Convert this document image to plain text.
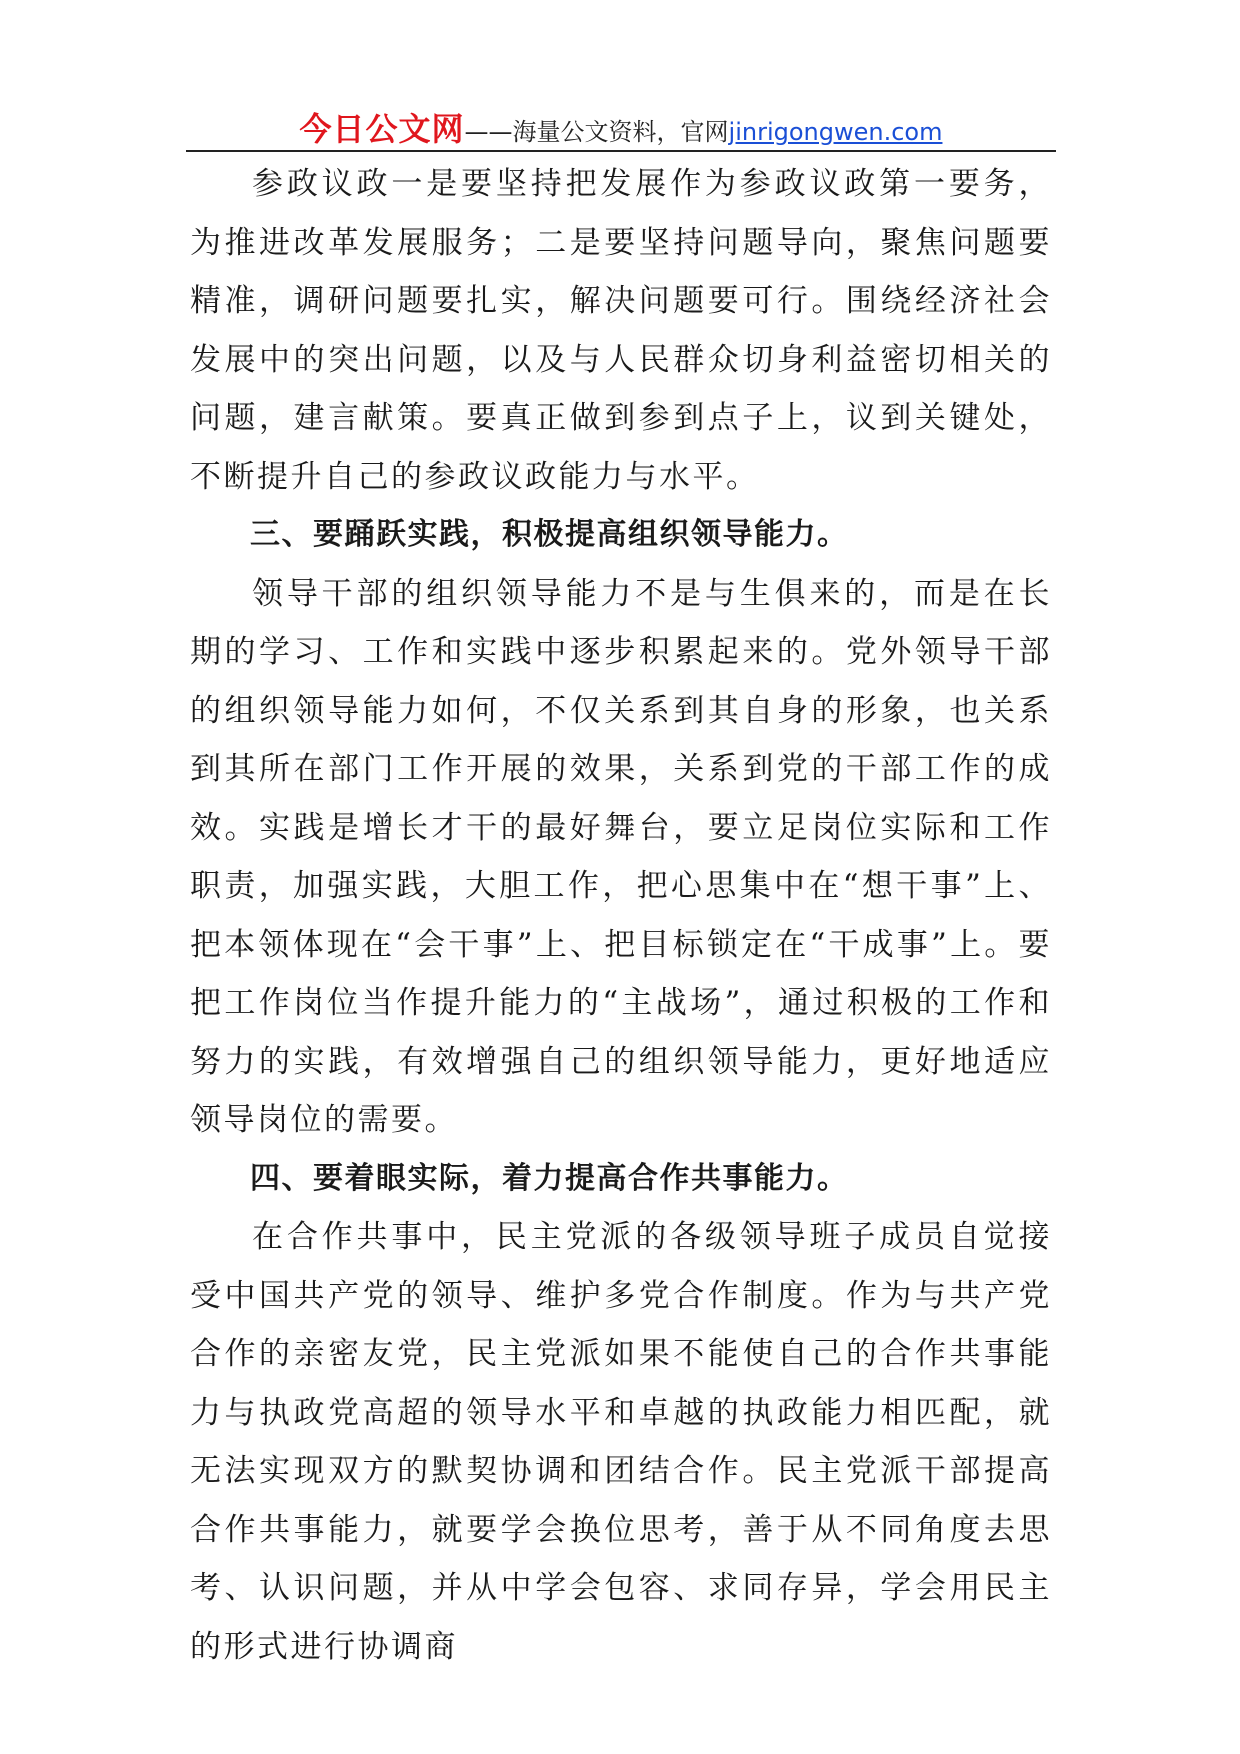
今日公文网——海量公文资料，官网jinrigongwen.com

参政议政一是要坚持把发展作为参政议政第一要务，为推进改革发展服务；二是要坚持问题导向，聚焦问题要精准，调研问题要扎实，解决问题要可行。围绕经济社会发展中的突出问题，以及与人民群众切身利益密切相关的问题，建言献策。要真正做到参到点子上，议到关键处，不断提升自己的参政议政能力与水平。

三、要踊跃实践，积极提高组织领导能力。

领导干部的组织领导能力不是与生俱来的，而是在长期的学习、工作和实践中逐步积累起来的。党外领导干部的组织领导能力如何，不仅关系到其自身的形象，也关系到其所在部门工作开展的效果，关系到党的干部工作的成效。实践是增长才干的最好舞台，要立足岗位实际和工作职责，加强实践，大胆工作，把心思集中在“想干事”上、把本领体现在“会干事”上、把目标锁定在“干成事”上。要把工作岗位当作提升能力的“主战场”，通过积极的工作和努力的实践，有效增强自己的组织领导能力，更好地适应领导岗位的需要。

四、要着眼实际，着力提高合作共事能力。

在合作共事中，民主党派的各级领导班子成员自觉接受中国共产党的领导、维护多党合作制度。作为与共产党合作的亲密友党，民主党派如果不能使自己的合作共事能力与执政党高超的领导水平和卓越的执政能力相匹配，就无法实现双方的默契协调和团结合作。民主党派干部提高合作共事能力，就要学会换位思考，善于从不同角度去思考、认识问题，并从中学会包容、求同存异，学会用民主的形式进行协调商
